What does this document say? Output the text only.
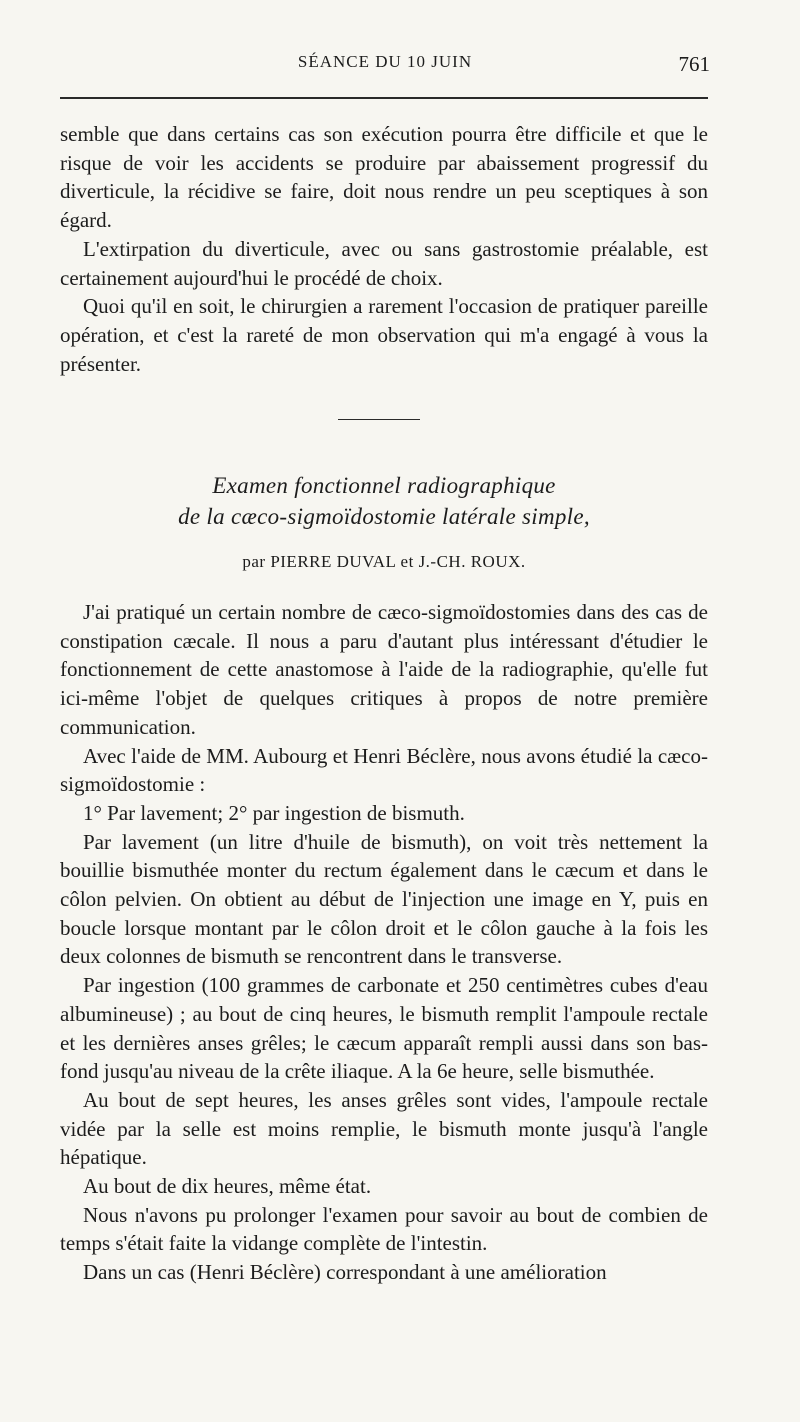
SÉANCE DU 10 JUIN	761

semble que dans certains cas son exécution pourra être difficile et que le risque de voir les accidents se produire par abaissement progressif du diverticule, la récidive se faire, doit nous rendre un peu sceptiques à son égard.

L'extirpation du diverticule, avec ou sans gastrostomie préalable, est certainement aujourd'hui le procédé de choix.

Quoi qu'il en soit, le chirurgien a rarement l'occasion de pratiquer pareille opération, et c'est la rareté de mon observation qui m'a engagé à vous la présenter.

Examen fonctionnel radiographique
de la cæco-sigmoïdostomie latérale simple,
par PIERRE DUVAL et J.-CH. ROUX.

J'ai pratiqué un certain nombre de cæco-sigmoïdostomies dans des cas de constipation cæcale. Il nous a paru d'autant plus intéressant d'étudier le fonctionnement de cette anastomose à l'aide de la radiographie, qu'elle fut ici-même l'objet de quelques critiques à propos de notre première communication.

Avec l'aide de MM. Aubourg et Henri Béclère, nous avons étudié la cæco-sigmoïdostomie :

1° Par lavement; 2° par ingestion de bismuth.

Par lavement (un litre d'huile de bismuth), on voit très nettement la bouillie bismuthée monter du rectum également dans le cæcum et dans le côlon pelvien. On obtient au début de l'injection une image en Y, puis en boucle lorsque montant par le côlon droit et le côlon gauche à la fois les deux colonnes de bismuth se rencontrent dans le transverse.

Par ingestion (100 grammes de carbonate et 250 centimètres cubes d'eau albumineuse) ; au bout de cinq heures, le bismuth remplit l'ampoule rectale et les dernières anses grêles; le cæcum apparaît rempli aussi dans son bas-fond jusqu'au niveau de la crête iliaque. A la 6e heure, selle bismuthée.

Au bout de sept heures, les anses grêles sont vides, l'ampoule rectale vidée par la selle est moins remplie, le bismuth monte jusqu'à l'angle hépatique.

Au bout de dix heures, même état.

Nous n'avons pu prolonger l'examen pour savoir au bout de combien de temps s'était faite la vidange complète de l'intestin.

Dans un cas (Henri Béclère) correspondant à une amélioration
